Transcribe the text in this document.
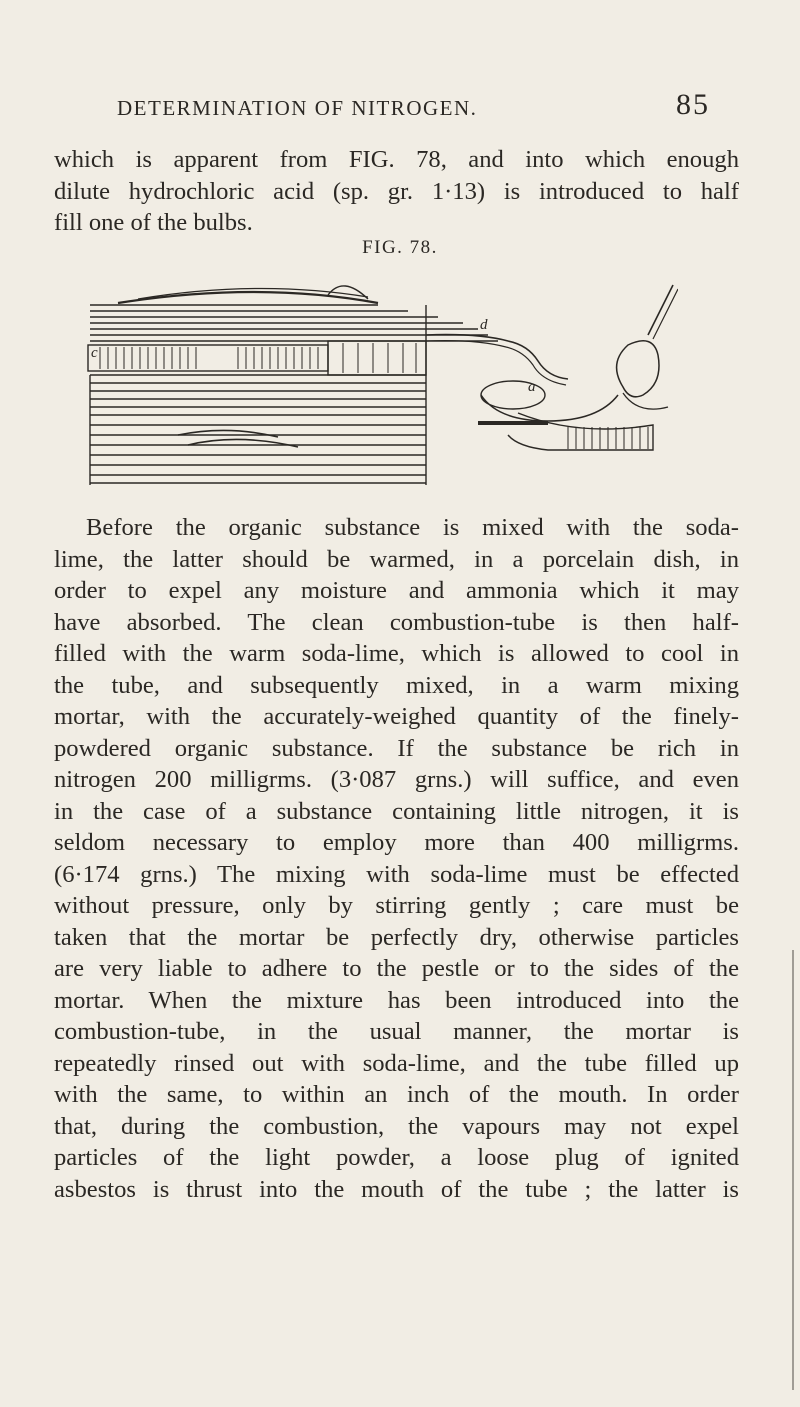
DETERMINATION OF NITROGEN.	85
which is apparent from FIG. 78, and into which enough
dilute hydrochloric acid (sp. gr. 1·13) is introduced to half
fill one of the bulbs.
FIG. 78.
c
d
a
Before the organic substance is mixed with the soda-
lime, the latter should be warmed, in a porcelain dish, in
order to expel any moisture and ammonia which it may
have absorbed. The clean combustion-tube is then half-
filled with the warm soda-lime, which is allowed to cool in
the tube, and subsequently mixed, in a warm mixing
mortar, with the accurately-weighed quantity of the finely-
powdered organic substance. If the substance be rich in
nitrogen 200 milligrms. (3·087 grns.) will suffice, and even
in the case of a substance containing little nitrogen, it is
seldom necessary to employ more than 400 milligrms.
(6·174 grns.) The mixing with soda-lime must be effected
without pressure, only by stirring gently ; care must be
taken that the mortar be perfectly dry, otherwise particles
are very liable to adhere to the pestle or to the sides of the
mortar. When the mixture has been introduced into the
combustion-tube, in the usual manner, the mortar is
repeatedly rinsed out with soda-lime, and the tube filled up
with the same, to within an inch of the mouth. In order
that, during the combustion, the vapours may not expel
particles of the light powder, a loose plug of ignited
asbestos is thrust into the mouth of the tube ; the latter is
